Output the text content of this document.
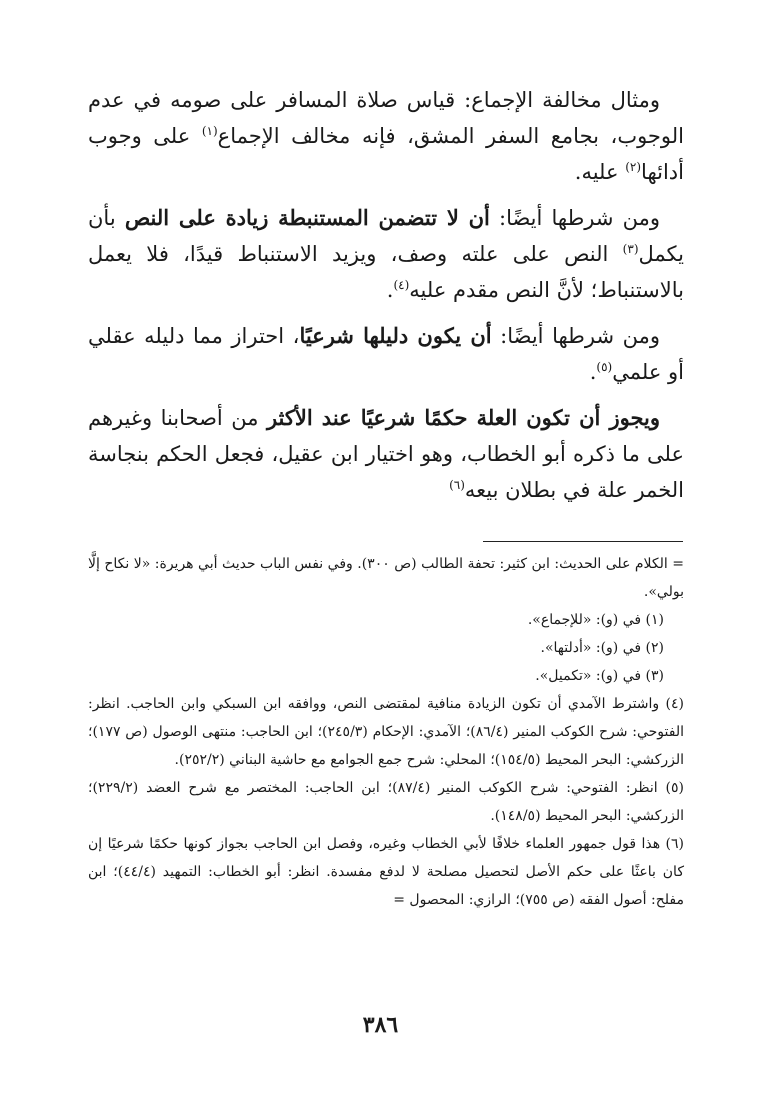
ومثال مخالفة الإجماع: قياس صلاة المسافر على صومه في عدم الوجوب، بجامع السفر المشق، فإنه مخالف الإجماع$^{(١)}$ على وجوب أدائها$^{(٢)}$ عليه.

ومن شرطها أيضًا: أن لا تتضمن المستنبطة زيادة على النص بأن يكمل$^{(٣)}$ النص على علته وصف، ويزيد الاستنباط قيدًا، فلا يعمل بالاستنباط؛ لأنَّ النص مقدم عليه$^{(٤)}$.

ومن شرطها أيضًا: أن يكون دليلها شرعيًا، احتراز مما دليله عقلي أو علمي$^{(٥)}$.

ويجوز أن تكون العلة حكمًا شرعيًا عند الأكثر من أصحابنا وغيرهم على ما ذكره أبو الخطاب، وهو اختيار ابن عقيل، فجعل الحكم بنجاسة الخمر علة في بطلان بيعه$^{(٦)}$

= الكلام على الحديث: ابن كثير: تحفة الطالب (ص ٣٠٠). وفي نفس الباب حديث أبي هريرة: «لا نكاح إلَّا بولي».

(١) في (و): «للإجماع».

(٢) في (و): «أدلتها».

(٣) في (و): «تكميل».

(٤) واشترط الآمدي أن تكون الزيادة منافية لمقتضى النص، ووافقه ابن السبكي وابن الحاجب. انظر: الفتوحي: شرح الكوكب المنير (٨٦/٤)؛ الآمدي: الإحكام (٢٤٥/٣)؛ ابن الحاجب: منتهى الوصول (ص ١٧٧)؛ الزركشي: البحر المحيط (١٥٤/٥)؛ المحلي: شرح جمع الجوامع مع حاشية البناني (٢٥٢/٢).

(٥) انظر: الفتوحي: شرح الكوكب المنير (٨٧/٤)؛ ابن الحاجب: المختصر مع شرح العضد (٢٢٩/٢)؛ الزركشي: البحر المحيط (١٤٨/٥).

(٦) هذا قول جمهور العلماء خلافًا لأبي الخطاب وغيره، وفصل ابن الحاجب بجواز كونها حكمًا شرعيًا إن كان باعثًا على حكم الأصل لتحصيل مصلحة لا لدفع مفسدة. انظر: أبو الخطاب: التمهيد (٤٤/٤)؛ ابن مفلح: أصول الفقه (ص ٧٥٥)؛ الرازي: المحصول =

٣٨٦
